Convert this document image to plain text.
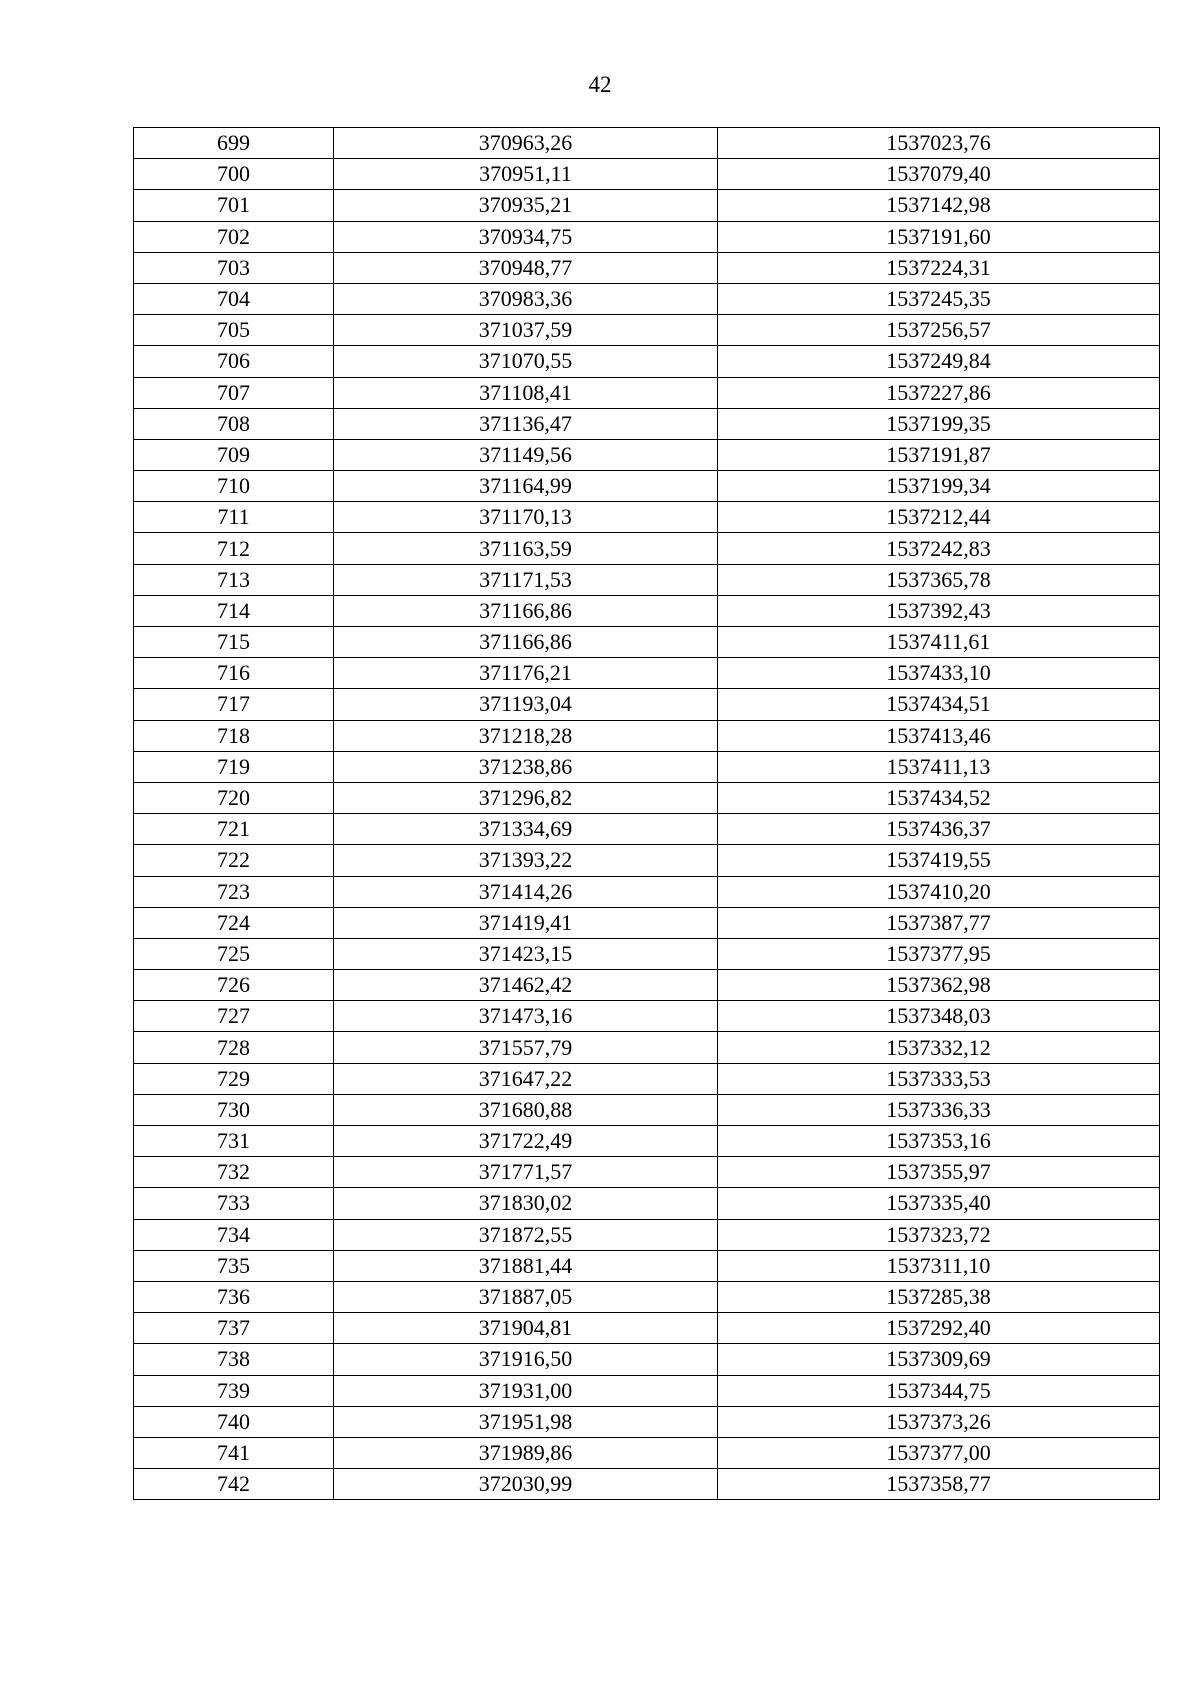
42
699	370963,26	1537023,76
700	370951,11	1537079,40
701	370935,21	1537142,98
702	370934,75	1537191,60
703	370948,77	1537224,31
704	370983,36	1537245,35
705	371037,59	1537256,57
706	371070,55	1537249,84
707	371108,41	1537227,86
708	371136,47	1537199,35
709	371149,56	1537191,87
710	371164,99	1537199,34
711	371170,13	1537212,44
712	371163,59	1537242,83
713	371171,53	1537365,78
714	371166,86	1537392,43
715	371166,86	1537411,61
716	371176,21	1537433,10
717	371193,04	1537434,51
718	371218,28	1537413,46
719	371238,86	1537411,13
720	371296,82	1537434,52
721	371334,69	1537436,37
722	371393,22	1537419,55
723	371414,26	1537410,20
724	371419,41	1537387,77
725	371423,15	1537377,95
726	371462,42	1537362,98
727	371473,16	1537348,03
728	371557,79	1537332,12
729	371647,22	1537333,53
730	371680,88	1537336,33
731	371722,49	1537353,16
732	371771,57	1537355,97
733	371830,02	1537335,40
734	371872,55	1537323,72
735	371881,44	1537311,10
736	371887,05	1537285,38
737	371904,81	1537292,40
738	371916,50	1537309,69
739	371931,00	1537344,75
740	371951,98	1537373,26
741	371989,86	1537377,00
742	372030,99	1537358,77
